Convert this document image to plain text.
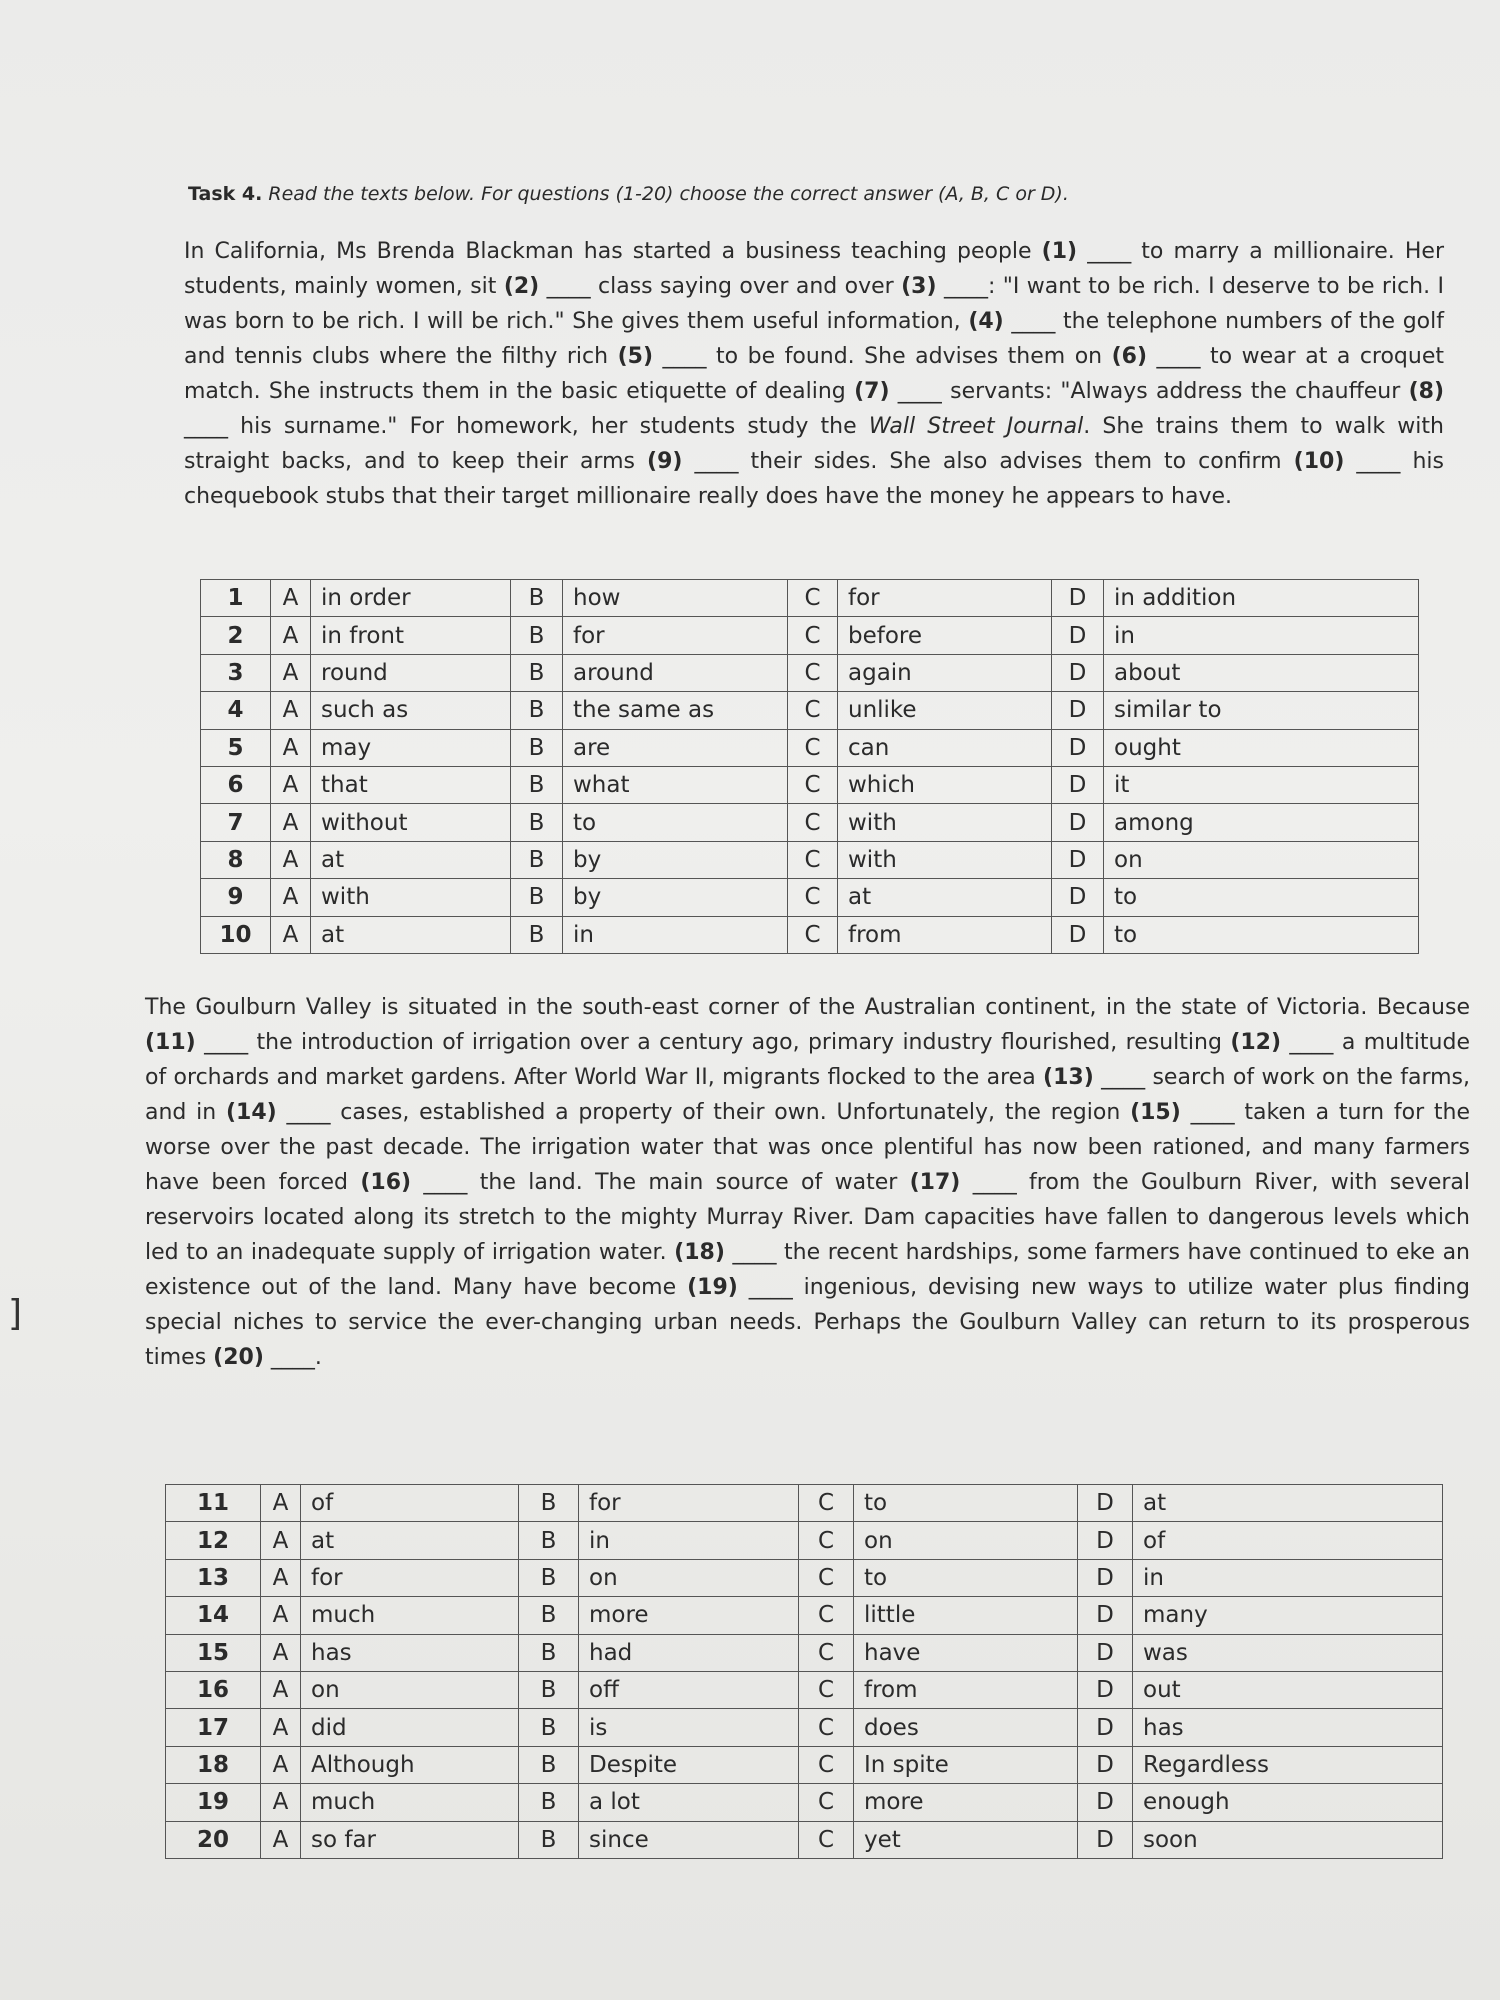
]
Task 4. Read the texts below. For questions (1-20) choose the correct answer (A, B, C or D).

In California, Ms Brenda Blackman has started a business teaching people (1) ____ to marry a millionaire. Her students, mainly women, sit (2) ____ class saying over and over (3) ____: "I want to be rich. I deserve to be rich. I was born to be rich. I will be rich." She gives them useful information, (4) ____ the telephone numbers of the golf and tennis clubs where the filthy rich (5) ____ to be found. She advises them on (6) ____ to wear at a croquet match. She instructs them in the basic etiquette of dealing (7) ____ servants: "Always address the chauffeur (8) ____ his surname." For homework, her students study the Wall Street Journal. She trains them to walk with straight backs, and to keep their arms (9) ____ their sides. She also advises them to confirm (10) ____ his chequebook stubs that their target millionaire really does have the money he appears to have.

1	A	in order	B	how	C	for	D	in addition
2	A	in front	B	for	C	before	D	in
3	A	round	B	around	C	again	D	about
4	A	such as	B	the same as	C	unlike	D	similar to
5	A	may	B	are	C	can	D	ought
6	A	that	B	what	C	which	D	it
7	A	without	B	to	C	with	D	among
8	A	at	B	by	C	with	D	on
9	A	with	B	by	C	at	D	to
10	A	at	B	in	C	from	D	to

The Goulburn Valley is situated in the south-east corner of the Australian continent, in the state of Victoria. Because (11) ____ the introduction of irrigation over a century ago, primary industry flourished, resulting (12) ____ a multitude of orchards and market gardens. After World War II, migrants flocked to the area (13) ____ search of work on the farms, and in (14) ____ cases, established a property of their own. Unfortunately, the region (15) ____ taken a turn for the worse over the past decade. The irrigation water that was once plentiful has now been rationed, and many farmers have been forced (16) ____ the land. The main source of water (17) ____ from the Goulburn River, with several reservoirs located along its stretch to the mighty Murray River. Dam capacities have fallen to dangerous levels which led to an inadequate supply of irrigation water. (18) ____ the recent hardships, some farmers have continued to eke an existence out of the land. Many have become (19) ____ ingenious, devising new ways to utilize water plus finding special niches to service the ever-changing urban needs. Perhaps the Goulburn Valley can return to its prosperous times (20) ____.

11	A	of	B	for	C	to	D	at
12	A	at	B	in	C	on	D	of
13	A	for	B	on	C	to	D	in
14	A	much	B	more	C	little	D	many
15	A	has	B	had	C	have	D	was
16	A	on	B	off	C	from	D	out
17	A	did	B	is	C	does	D	has
18	A	Although	B	Despite	C	In spite	D	Regardless
19	A	much	B	a lot	C	more	D	enough
20	A	so far	B	since	C	yet	D	soon
